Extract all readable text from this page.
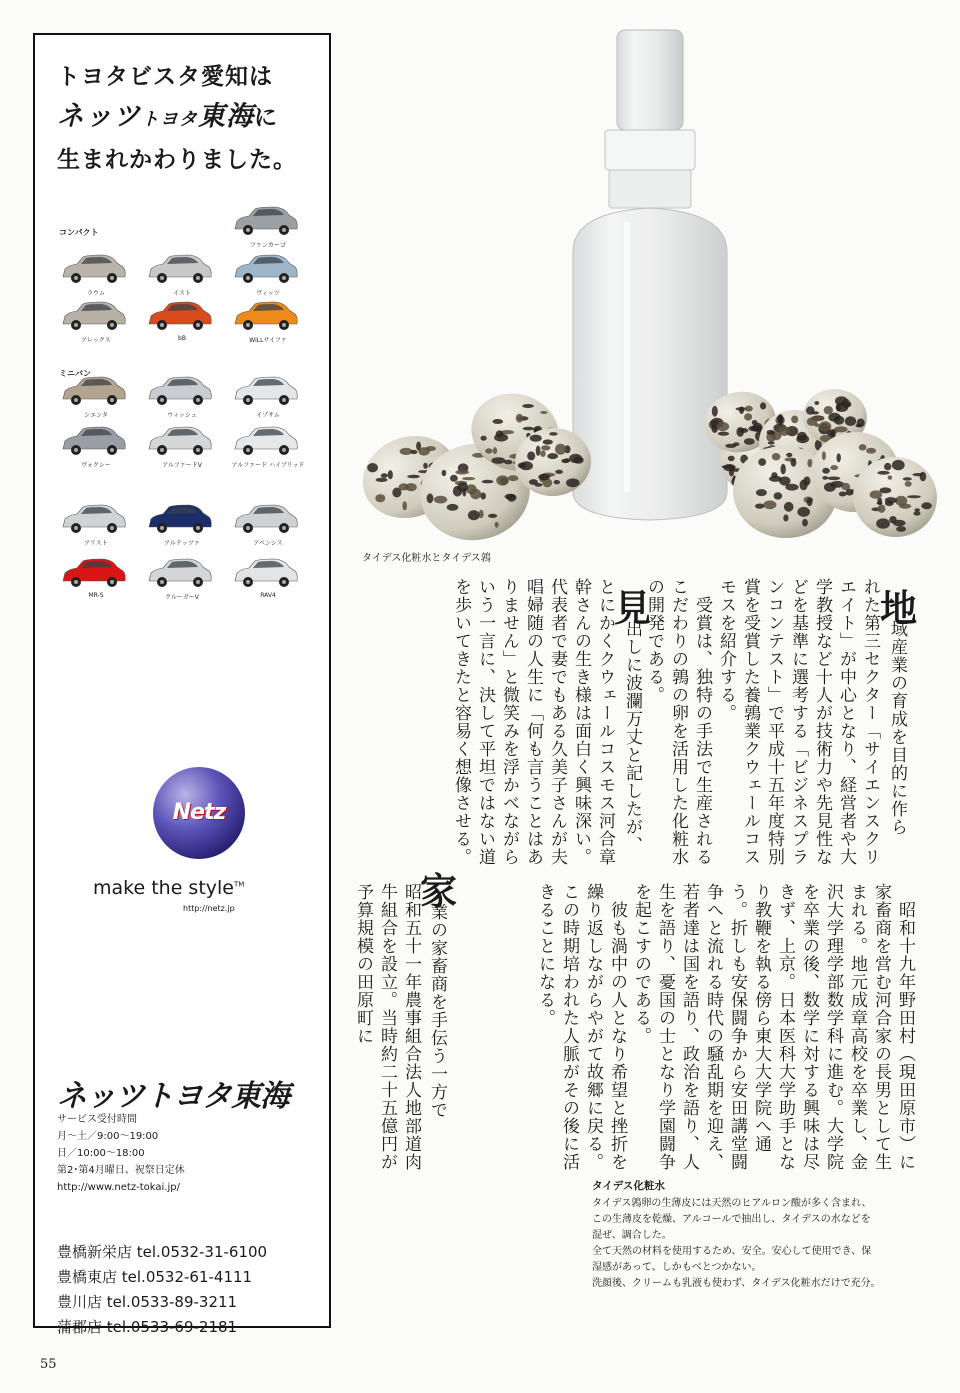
トヨタビスタ愛知は
ネッツトヨタ東海に
生まれかわりました。
コンパクト
ミニバン
ファンカーゴ
ラウム	イスト	ヴィッツ
アレックス	bB	WiLLサイファ
シエンタ	ウィッシュ	イプサム
ヴォクシー	アルファードV	アルファード ハイブリッド
アリスト	アルテッツァ	アベンシス
MR-S	クルーガーV	RAV4
Netz
make the style™
http://netz.jp
ネッツトヨタ東海
サービス受付時間
月〜土／9:00〜19:00
日／10:00〜18:00
第2･第4月曜日、祝祭日定休
http://www.netz-tokai.jp/
豊橋新栄店 tel.0532-31-6100
豊橋東店 tel.0532-61-4111
豊川店 tel.0533-89-3211
蒲郡店 tel.0533-69-2181
タイデス化粧水とタイデス鶉
地
域産業の育成を目的に作ら
れた第三セクター「サイエンスクリエイト」が中心となり、経営者や大学教授など十人が技術力や先見性などを基準に選考する「ビジネスプランコンテスト」で平成十五年度特別賞を受賞した養鶉業クウェールコスモスを紹介する。
　受賞は、独特の手法で生産されるこだわりの鶉の卵を活用した化粧水の開発である。
見
出しに波瀾万丈と記したが、
とにかくクウェールコスモス河合章幹さんの生き様は面白く興味深い。代表者で妻でもある久美子さんが夫唱婦随の人生に「何も言うことはありません」と微笑みを浮かべながらいう一言に、決して平坦ではない道を歩いてきたと容易く想像させる。
　昭和十九年野田村（現田原市）に家畜商を営む河合家の長男として生まれる。地元成章高校を卒業し、金沢大学理学部数学科に進む。大学院を卒業の後、数学に対する興味は尽きず、上京。日本医科大学助手となり教鞭を執る傍ら東大大学院へ通う。折しも安保闘争から安田講堂闘争へと流れる時代の騒乱期を迎え、若者達は国を語り、政治を語り、人生を語り、憂国の士となり学園闘争を起こすのである。
　彼も渦中の人となり希望と挫折を繰り返しながらやがて故郷に戻る。この時期培われた人脈がその後に活きることになる。
家
業の家畜商を手伝う一方で
昭和五十一年農事組合法人地部道肉牛組合を設立。当時約二十五億円が予算規模の田原町に
タイデス化粧水
タイデス鶉卵の生薄皮には天然のヒアルロン酸が多く含まれ、
この生薄皮を乾燥、アルコールで抽出し、タイデスの水などを
混ぜ、調合した。
全て天然の材料を使用するため、安全。安心して使用でき、保
湿感があって、しかもべとつかない。
洗顔後、クリームも乳液も使わず、タイデス化粧水だけで充分。
55
